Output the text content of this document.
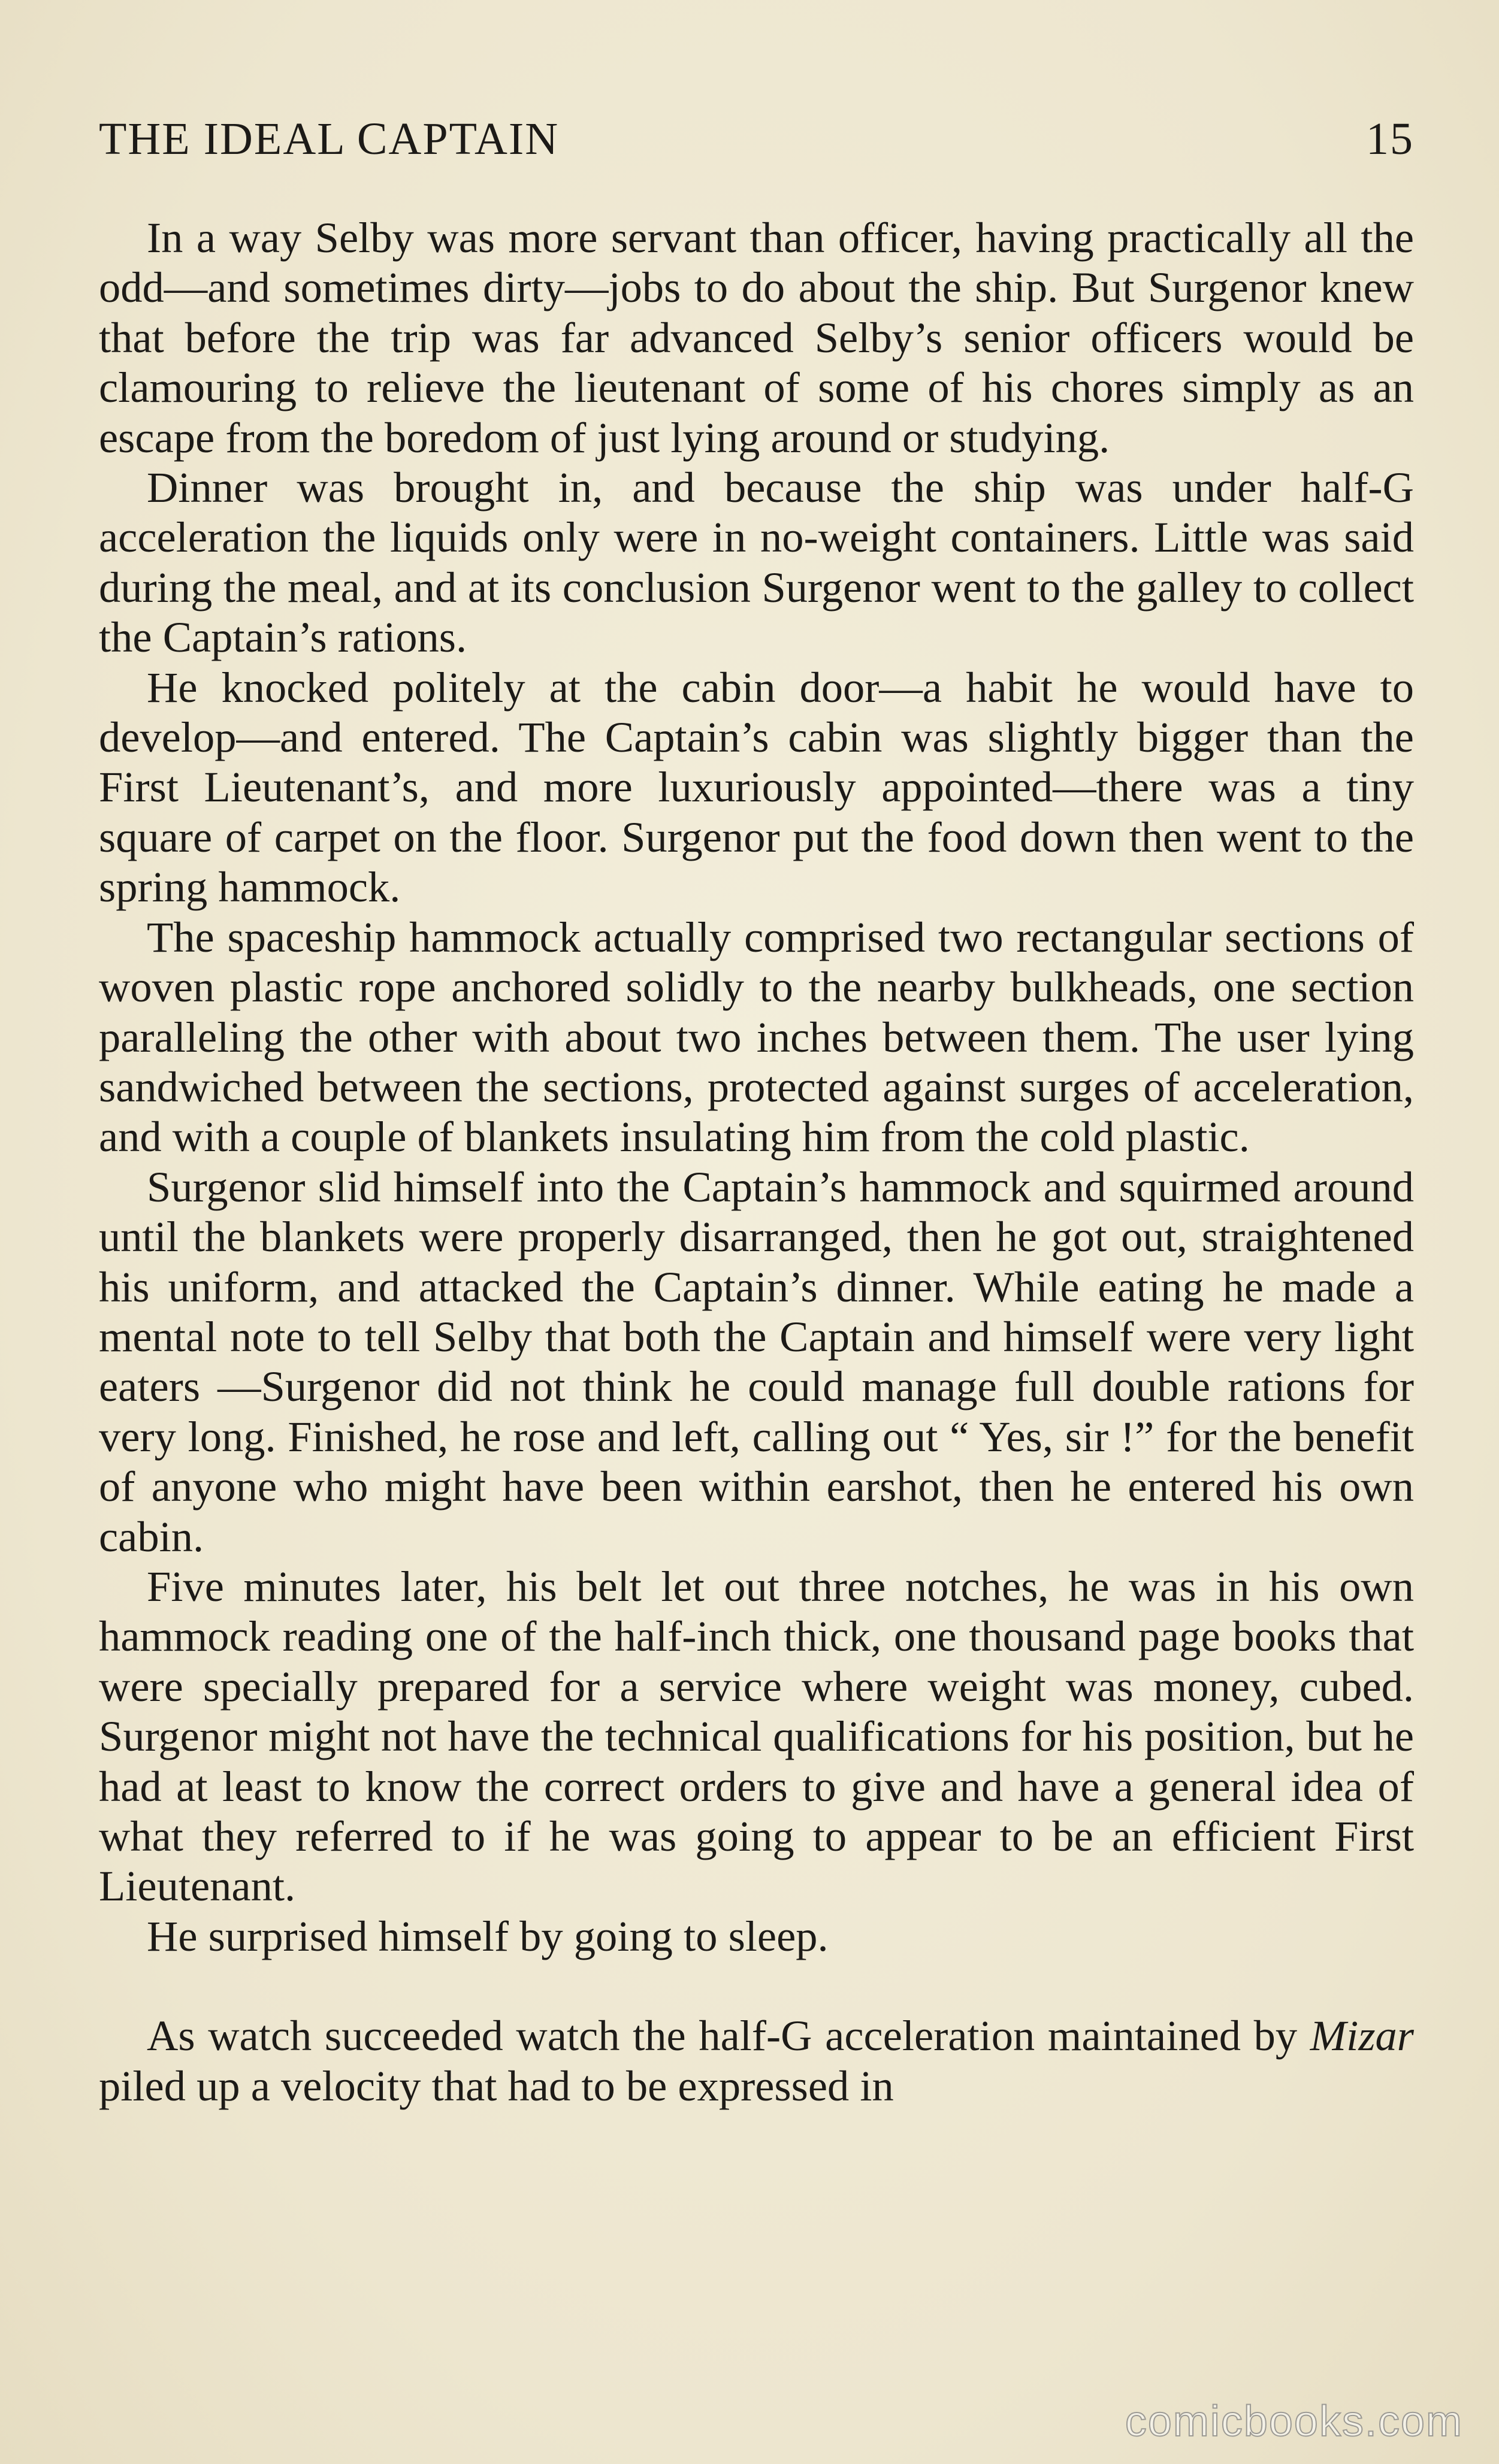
THE IDEAL CAPTAIN	15

In a way Selby was more servant than officer, having practically all the odd—and sometimes dirty—jobs to do about the ship. But Surgenor knew that before the trip was far advanced Selby’s senior officers would be clamouring to relieve the lieutenant of some of his chores simply as an escape from the boredom of just lying around or studying.

Dinner was brought in, and because the ship was under half-G acceleration the liquids only were in no-weight containers. Little was said during the meal, and at its conclusion Surgenor went to the galley to collect the Captain’s rations.

He knocked politely at the cabin door—a habit he would have to develop—and entered. The Captain’s cabin was slightly bigger than the First Lieutenant’s, and more luxuriously appointed—there was a tiny square of carpet on the floor. Surgenor put the food down then went to the spring hammock.

The spaceship hammock actually comprised two rectangular sections of woven plastic rope anchored solidly to the nearby bulkheads, one section paralleling the other with about two inches between them. The user lying sandwiched between the sections, protected against surges of acceleration, and with a couple of blankets insulating him from the cold plastic.

Surgenor slid himself into the Captain’s hammock and squirmed around until the blankets were properly disarranged, then he got out, straightened his uniform, and attacked the Captain’s dinner. While eating he made a mental note to tell Selby that both the Captain and himself were very light eaters —Surgenor did not think he could manage full double rations for very long. Finished, he rose and left, calling out “ Yes, sir !” for the benefit of anyone who might have been within earshot, then he entered his own cabin.

Five minutes later, his belt let out three notches, he was in his own hammock reading one of the half-inch thick, one thousand page books that were specially prepared for a service where weight was money, cubed. Surgenor might not have the technical qualifications for his position, but he had at least to know the correct orders to give and have a general idea of what they referred to if he was going to appear to be an efficient First Lieutenant.

He surprised himself by going to sleep.

As watch succeeded watch the half-G acceleration maintained by Mizar piled up a velocity that had to be expressed in

comicbooks.com
